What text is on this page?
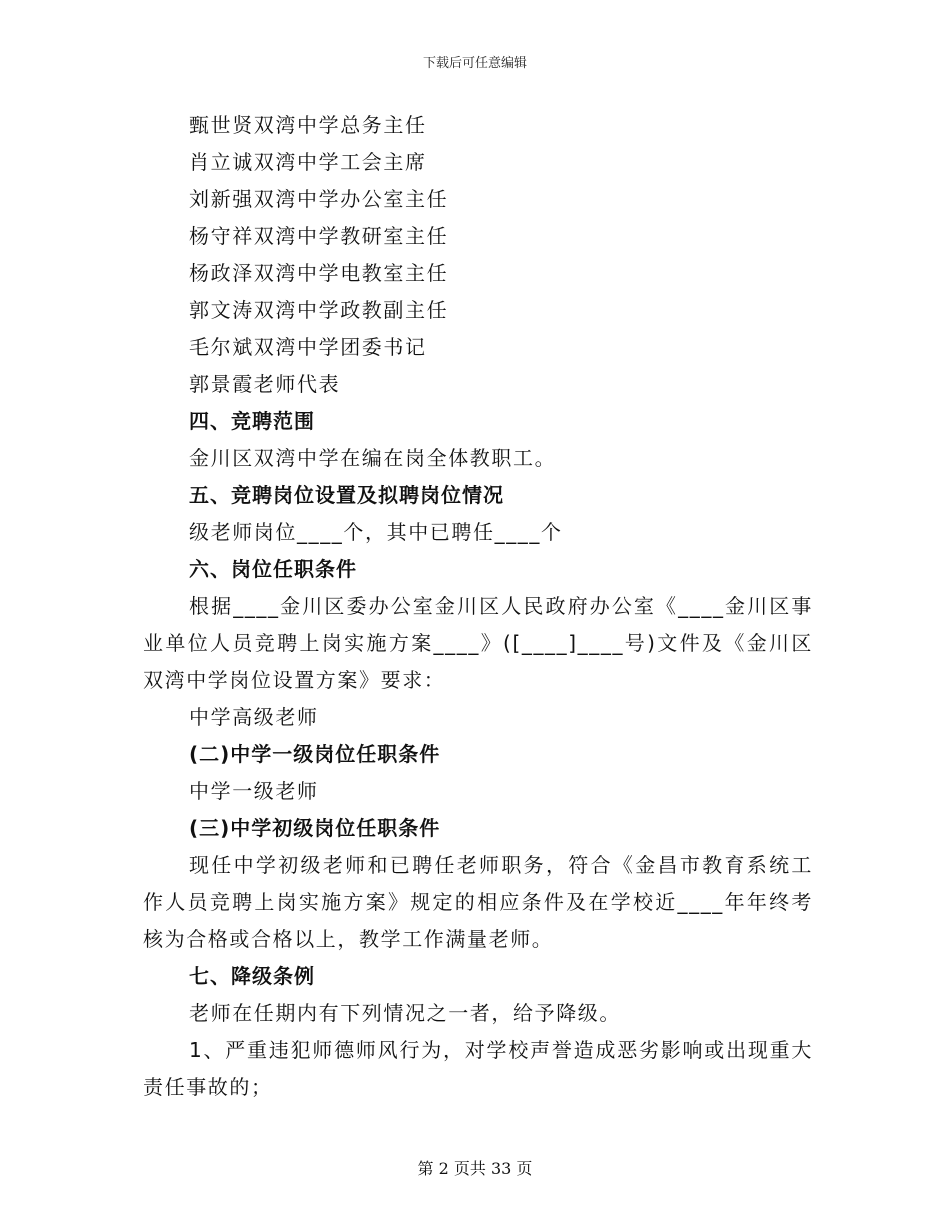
下载后可任意编辑
甄世贤双湾中学总务主任
肖立诚双湾中学工会主席
刘新强双湾中学办公室主任
杨守祥双湾中学教研室主任
杨政泽双湾中学电教室主任
郭文涛双湾中学政教副主任
毛尔斌双湾中学团委书记
郭景霞老师代表
四、竞聘范围
金川区双湾中学在编在岗全体教职工。
五、竞聘岗位设置及拟聘岗位情况
级老师岗位____个，其中已聘任____个
六、岗位任职条件
根据____金川区委办公室金川区人民政府办公室《____金川区事业单位人员竞聘上岗实施方案____》([____]____号)文件及《金川区双湾中学岗位设置方案》要求：
中学高级老师
(二)中学一级岗位任职条件
中学一级老师
(三)中学初级岗位任职条件
现任中学初级老师和已聘任老师职务，符合《金昌市教育系统工作人员竞聘上岗实施方案》规定的相应条件及在学校近____年年终考核为合格或合格以上，教学工作满量老师。
七、降级条例
老师在任期内有下列情况之一者，给予降级。
1、严重违犯师德师风行为，对学校声誉造成恶劣影响或出现重大责任事故的；
第 2 页共 33 页
